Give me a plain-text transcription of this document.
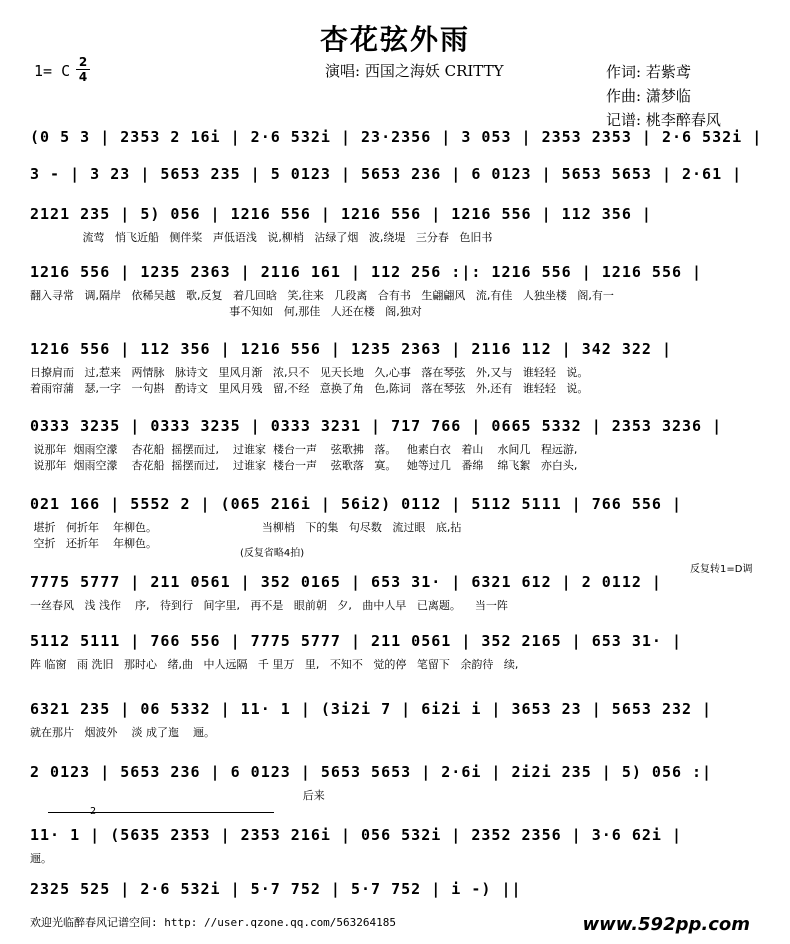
杏花弦外雨
1= C 2
4	演唱: 西国之海妖 CRITTY	作词: 若紫鸢
作曲: 潇梦临
记谱: 桃李醉春风
(0 5 3 | 2353 2 16i | 2·6 532i | 23·2356 | 3 053 | 2353 2353 | 2·6 532i |
3 - | 3 23 | 5653 235 | 5 0123 | 5653 236 | 6 0123 | 5653 5653 | 2·61 |
2121 235 | 5) 056 | 1216 556 | 1216 556 | 1216 556 | 112 356 |
流莺   悄飞近船   侧伴桨   声低语浅   说,柳梢   沾绿了烟   波,绕堤   三分春   色旧书
1216 556 | 1235 2363 | 2116 161 | 112 256 :|: 1216 556 | 1216 556 |
翻入寻常   调,隔岸   依稀吴越   歌,反复   着几回晗   笑,往来   几段离   合有书   生翩翩风   流,有佳   人独坐楼   阁,有一
事不知如   何,那佳   人还在楼   阁,独对
1216 556 | 112 356 | 1216 556 | 1235 2363 | 2116 112 | 342 322 |
日撩肩而   过,惹来   两情脉   脉诗文   里风月渐   浓,只不   见天长地   久,心事   落在琴弦   外,又与   谁轻轻   说。
着雨帘蒲   瑟,一字   一句斟   酌诗文   里风月残   留,不经   意换了角   色,陈词   落在琴弦   外,还有   谁轻轻   说。
0333 3235 | 0333 3235 | 0333 3231 | 717 766 | 0665 5332 | 2353 3236 |
说那年  烟雨空濛    杏花船  摇摆而过,    过谁家  楼台一声    弦歌拂   落。   他素白衣   着山    水间几   程远游,
说那年  烟雨空濛    杏花船  摇摆而过,    过谁家  楼台一声    弦歌落   寞。   她等过几   番绵    绵飞絮   亦白头,
021 166 | 5552 2 | (065 216i | 56i2) 0112 | 5112 5111 | 766 556 |
堪折   何折年    年柳色。                              当柳梢   下的集   句尽数   流过眼   底,拈
空折   还折年    年柳色。
7775 5777 | 211 0561 | 352 0165 | 653 31· | 6321 612 | 2 0112 |
一丝春风   浅 浅作    序,   待到行   间字里,   再不是   眼前朝   夕,   曲中人早   已离题。    当一阵
5112 5111 | 766 556 | 7775 5777 | 211 0561 | 352 2165 | 653 31· |
阵 临窗   雨 洗旧   那时心   绪,曲   中人远隔   千 里万   里,   不知不   觉的停   笔留下   余韵待   续,
6321 235 | 06 5332 | 11· 1 | (3i2i 7 | 6i2i i | 3653 23 | 5653 232 |
就在那片   烟波外    淡 成了迤    逦。
2 0123 | 5653 236 | 6 0123 | 5653 5653 | 2·6i | 2i2i 235 | 5) 056 :|
后来
11· 1 | (5635 2353 | 2353 216i | 056 532i | 2352 2356 | 3·6 62i |
逦。
2325 525 | 2·6 532i | 5·7 752 | 5·7 752 | i -) ||
(反复省略4拍)
反复转1=D调
2
欢迎光临醉春风记谱空间: http: //user.qzone.qq.com/563264185	www.592pp.com
